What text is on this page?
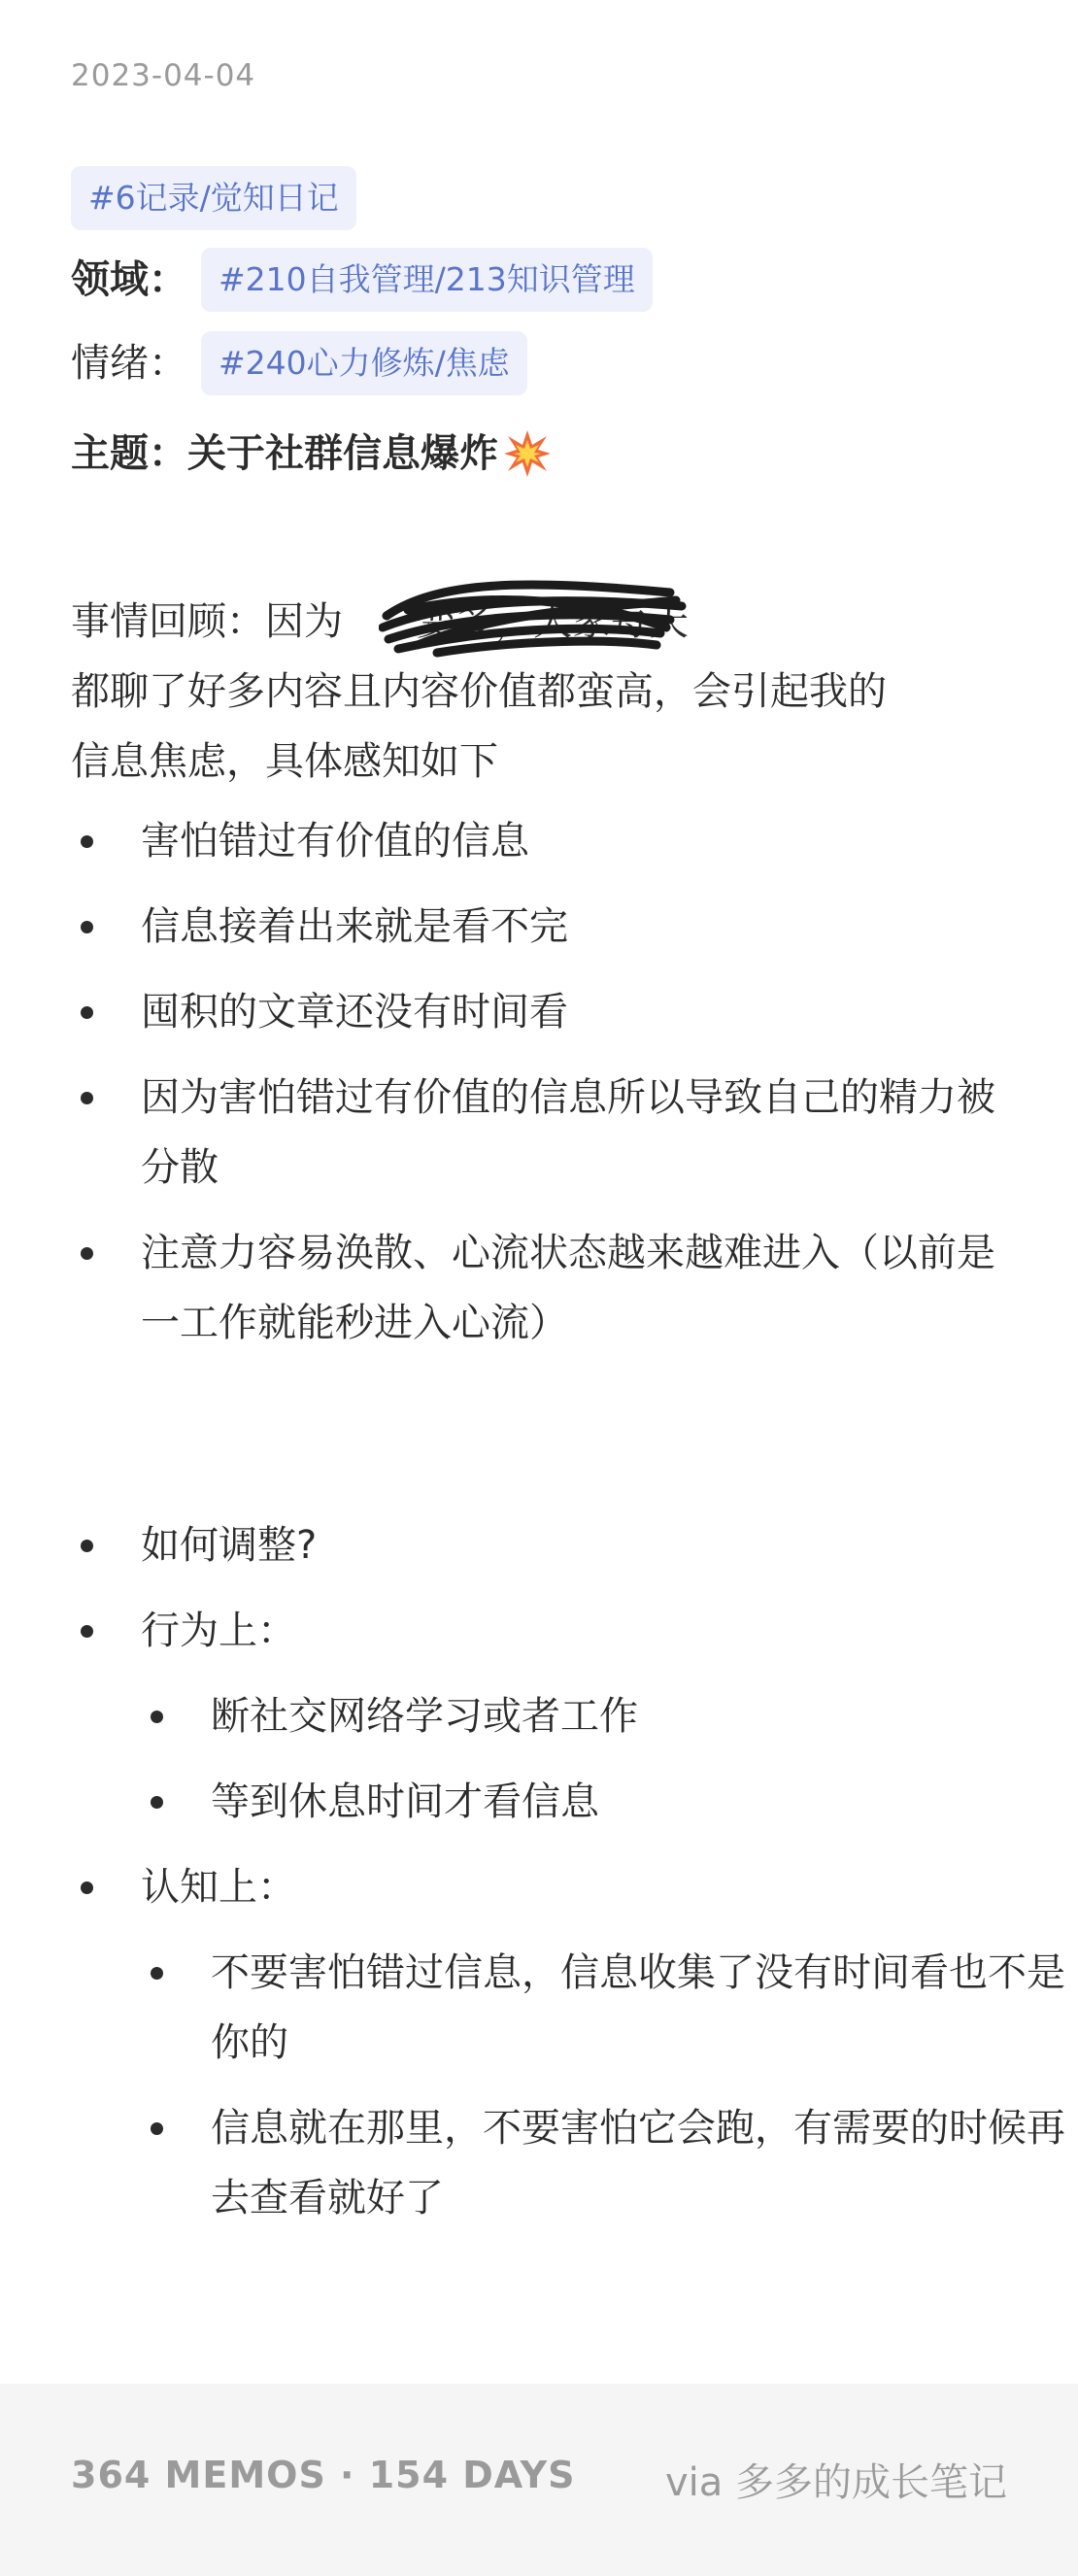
2023-04-04
#6记录/觉知日记
领域： #210自我管理/213知识管理
情绪： #240心力修炼/焦虑
主题：关于社群信息爆炸
事情回顾：因为 变多，大家每天
都聊了好多内容且内容价值都蛮高，会引起我的
信息焦虑，具体感知如下
害怕错过有价值的信息
信息接着出来就是看不完
囤积的文章还没有时间看
因为害怕错过有价值的信息所以导致自己的精力被分散
注意力容易涣散、心流状态越来越难进入（以前是一工作就能秒进入心流）
如何调整?
行为上：
断社交网络学习或者工作
等到休息时间才看信息
认知上：
不要害怕错过信息，信息收集了没有时间看也不是你的
信息就在那里，不要害怕它会跑，有需要的时候再去查看就好了
364 MEMOS · 154 DAYS via 多多的成长笔记
